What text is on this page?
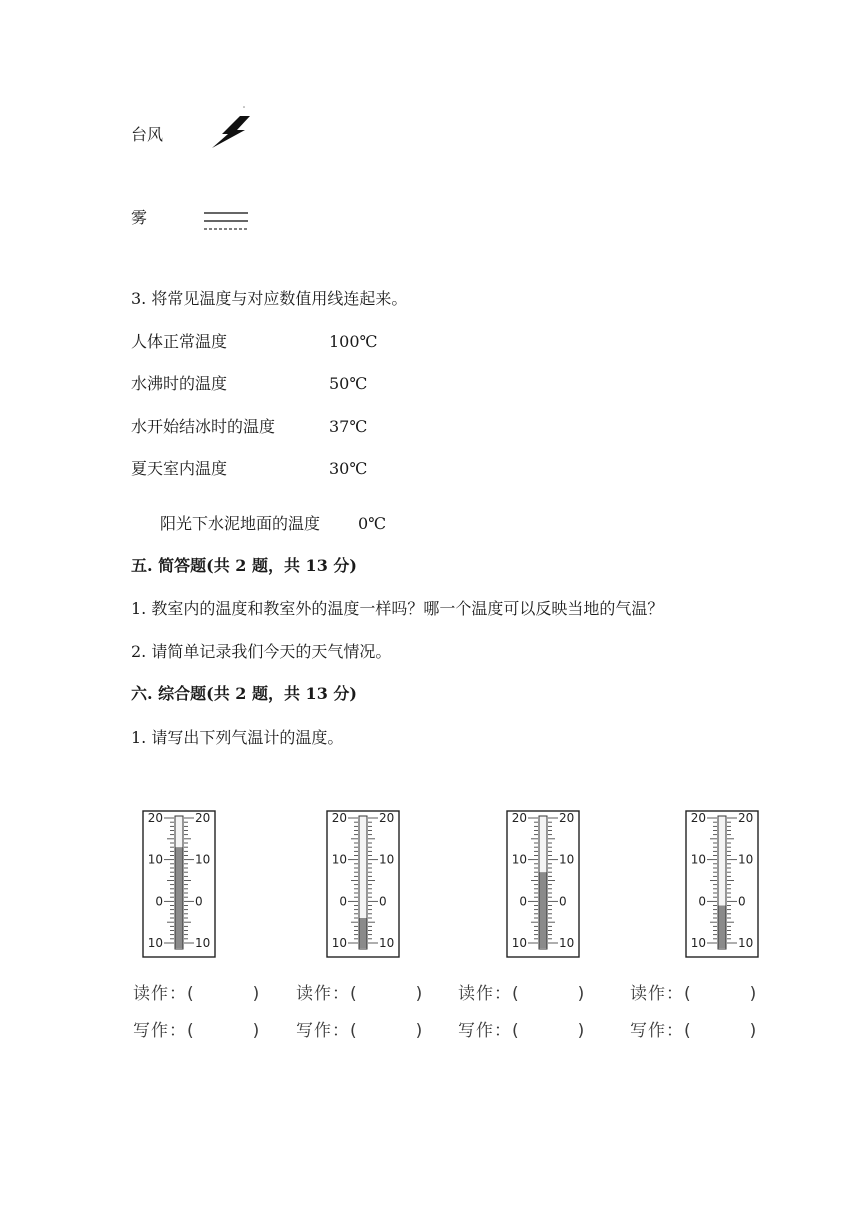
台风
雾
3. 将常见温度与对应数值用线连起来。
人体正常温度	100℃
水沸时的温度	50℃
水开始结冰时的温度	37℃
夏天室内温度	30℃
阳光下水泥地面的温度 0℃
五. 简答题(共 2 题，共 13 分)
1. 教室内的温度和教室外的温度一样吗？哪一个温度可以反映当地的气温？
2. 请简单记录我们今天的天气情况。
六. 综合题(共 2 题，共 13 分)
1. 请写出下列气温计的温度。
20	20
10	10
0	0
10	10
20	20
10	10
0	0
10	10
20	20
10	10
0	0
10	10
20	20
10	10
0	0
10	10
读作：(	) 读作：(	) 读作：(	)	读作：(	)
写作：(	) 写作：(	) 写作：(	)	写作：(	)
